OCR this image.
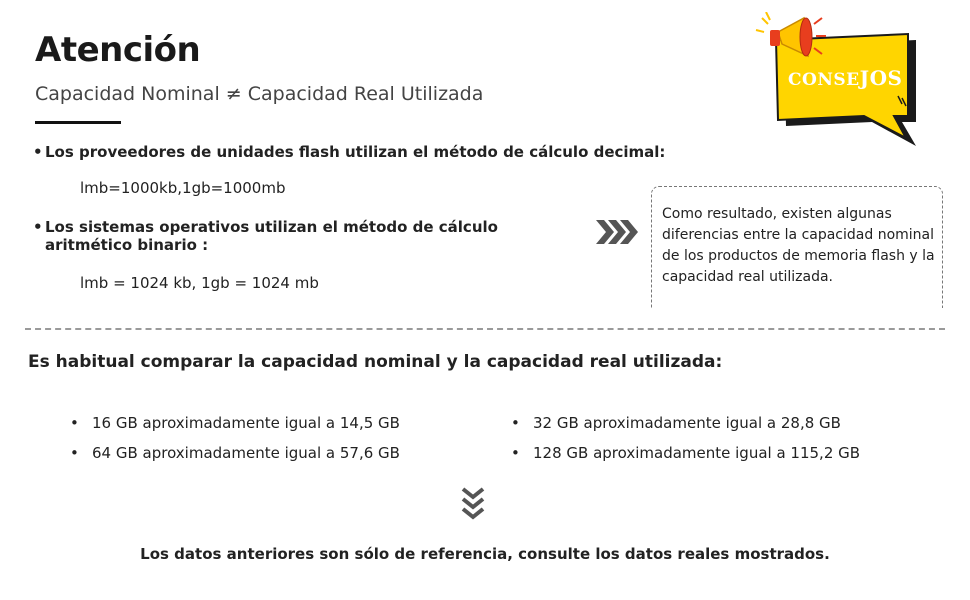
Atención
Capacidad Nominal ≠ Capacidad Real Utilizada
CONSEJOS
• Los proveedores de unidades flash utilizan el método de cálculo decimal:
lmb=1000kb,1gb=1000mb
• Los sistemas operativos utilizan el método de cálculo
aritmético binario :
lmb = 1024 kb, 1gb = 1024 mb
Como resultado, existen algunas diferencias entre la capacidad nominal de los productos de memoria flash y la capacidad real utilizada.
Es habitual comparar la capacidad nominal y la capacidad real utilizada:
• 16 GB aproximadamente igual a 14,5 GB
• 64 GB aproximadamente igual a 57,6 GB
• 32 GB aproximadamente igual a 28,8 GB
• 128 GB aproximadamente igual a 115,2 GB
Los datos anteriores son sólo de referencia, consulte los datos reales mostrados.
